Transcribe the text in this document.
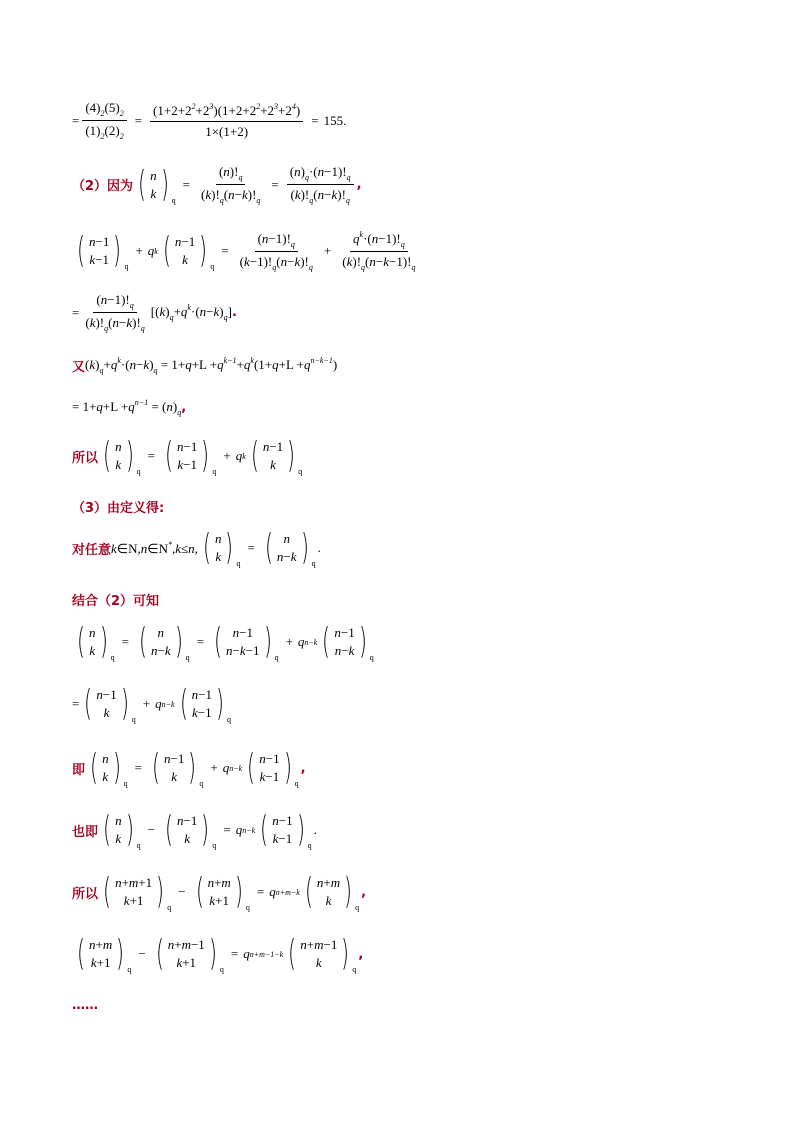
= $\frac{(4)_2(5)_2}{(1)_2(2)_2} = \frac{(1+2+2^2+2^3)(1+2+2^2+2^3+2^4)}{1\times(1+2)} = 155$ .
（2）因为 ( n
k ) q
= $\frac{(n)!_q}{(k)!_q(n-k)!_q} = \frac{(n)_q\cdot(n-1)!_q}{(k)!_q(n-k)!_q}$ ,
( n−1
k−1 ) q
+ q k ( n−1
k ) q
= $\frac{(n-1)!_q}{(k-1)!_q(n-k)!_q} + \frac{q^k\cdot(n-1)!_q}{(k)!_q(n-k-1)!_q}$
= $\frac{(n-1)!_q}{(k)!_q(n-k)!_q} [(k)_q+q^k\cdot(n-k)_q]$ .
又 $(k)_q+q^k\cdot(n-k)_q = 1+q+L +q^{k-1}+q^k(1+q+L +q^{n-k-1})$
= $1+q+L +q^{n-1} = (n)_q$ ,
所以 ( n
k ) q
= ( n−1
k−1 ) q
+ q k ( n−1
k ) q
（3）由定义得:
对任意 k∈N,n∈N*,k≤n, ( n
k ) q
= ( n
n−k ) q
.
结合（2）可知
( n
k ) q
= ( n
n−k ) q
= ( n−1
n−k−1 ) q
+ q n−k ( n−1
n−k ) q
= ( n−1
k ) q
+ q n−k ( n−1
k−1 ) q
即 ( n
k ) q
= ( n−1
k ) q
+ q n−k ( n−1
k−1 ) q
,
也即 ( n
k ) q
− ( n−1
k ) q
= q n−k ( n−1
k−1 ) q
.
所以 ( n+m+1
k+1 ) q
− ( n+m
k+1 ) q
= q n+m−k ( n+m
k ) q
,
( n+m
k+1 ) q
− ( n+m−1
k+1 ) q
= q n+m−1−k ( n+m−1
k ) q
,
……
